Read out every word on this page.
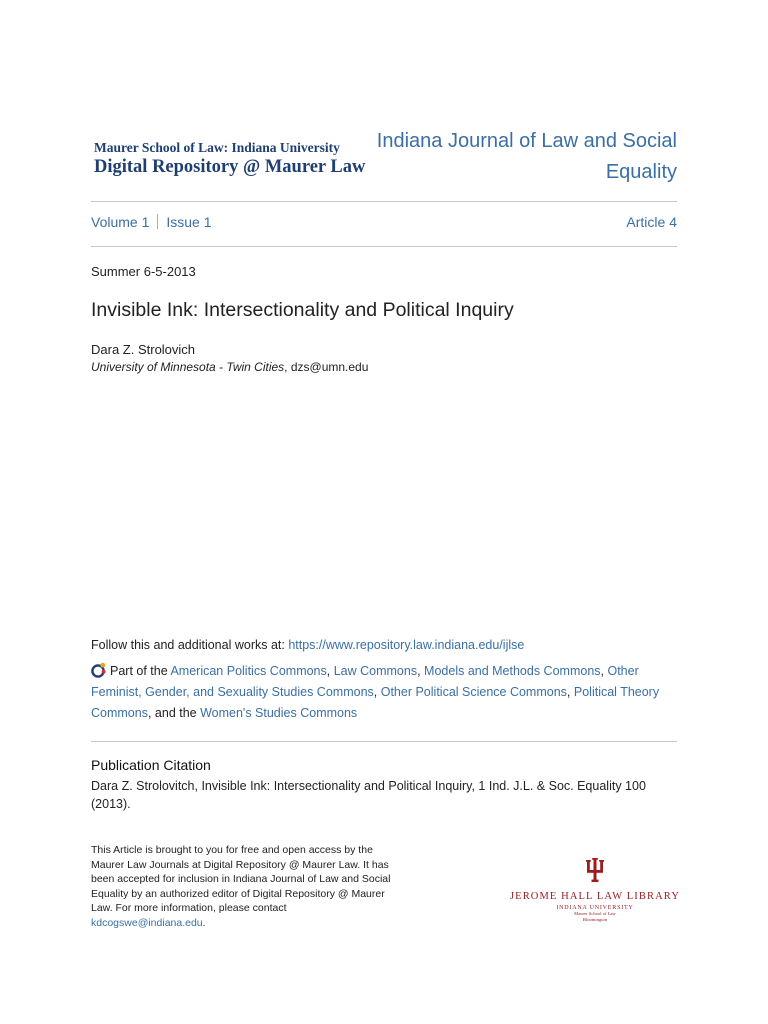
Maurer School of Law: Indiana University
Digital Repository @ Maurer Law
Indiana Journal of Law and Social
Equality
Volume 1 Issue 1	Article 4
Summer 6-5-2013
Invisible Ink: Intersectionality and Political Inquiry
Dara Z. Strolovich
University of Minnesota - Twin Cities, dzs@umn.edu
Follow this and additional works at: https://www.repository.law.indiana.edu/ijlse
Part of the American Politics Commons, Law Commons, Models and Methods Commons, Other Feminist, Gender, and Sexuality Studies Commons, Other Political Science Commons, Political Theory Commons, and the Women's Studies Commons
Publication Citation
Dara Z. Strolovitch, Invisible Ink: Intersectionality and Political Inquiry, 1 Ind. J.L. & Soc. Equality 100 (2013).
This Article is brought to you for free and open access by the Maurer Law Journals at Digital Repository @ Maurer Law. It has been accepted for inclusion in Indiana Journal of Law and Social Equality by an authorized editor of Digital Repository @ Maurer Law. For more information, please contact kdcogswe@indiana.edu.
JEROME HALL LAW LIBRARY
INDIANA UNIVERSITY
Maurer School of Law
Bloomington
